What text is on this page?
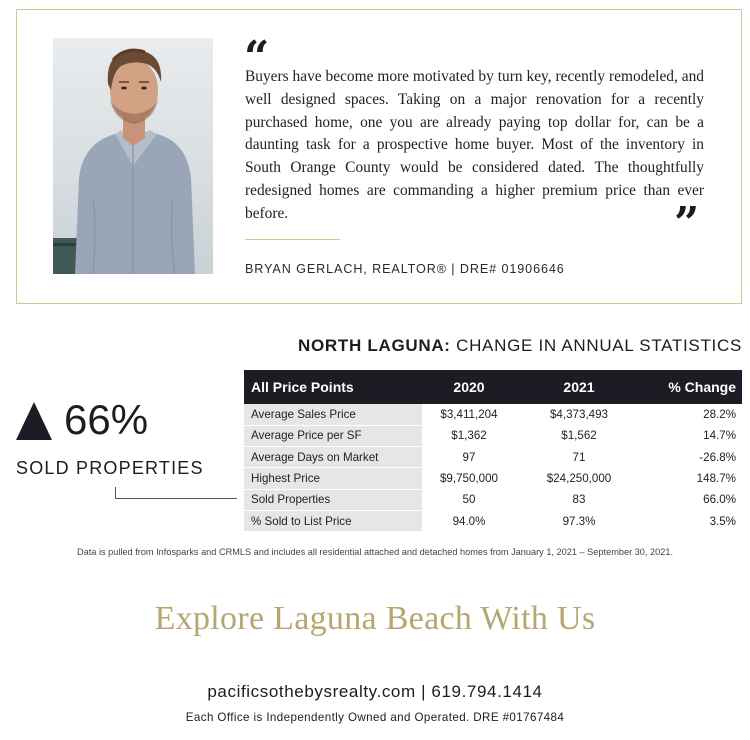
“
Buyers have become more motivated by turn key, recently remodeled, and well designed spaces. Taking on a major renovation for a recently purchased home, one you are already paying top dollar for, can be a daunting task for a prospective home buyer. Most of the inventory in South Orange County would be considered dated. The thoughtfully redesigned homes are commanding a higher premium price than ever before.	”
BRYAN GERLACH, REALTOR® | DRE# 01906646
NORTH LAGUNA: CHANGE IN ANNUAL STATISTICS
66%
SOLD PROPERTIES
All Price Points	2020	2021	% Change
Average Sales Price	$3,411,204	$4,373,493	28.2%
Average Price per SF	$1,362	$1,562	14.7%
Average Days on Market	97	71	-26.8%
Highest Price	$9,750,000	$24,250,000	148.7%
Sold Properties	50	83	66.0%
% Sold to List Price	94.0%	97.3%	3.5%
Data is pulled from Infosparks and CRMLS and includes all residential attached and detached homes from January 1, 2021 – September 30, 2021.
Explore Laguna Beach With Us
pacificsothebysrealty.com | 619.794.1414
Each Office is Independently Owned and Operated. DRE #01767484
